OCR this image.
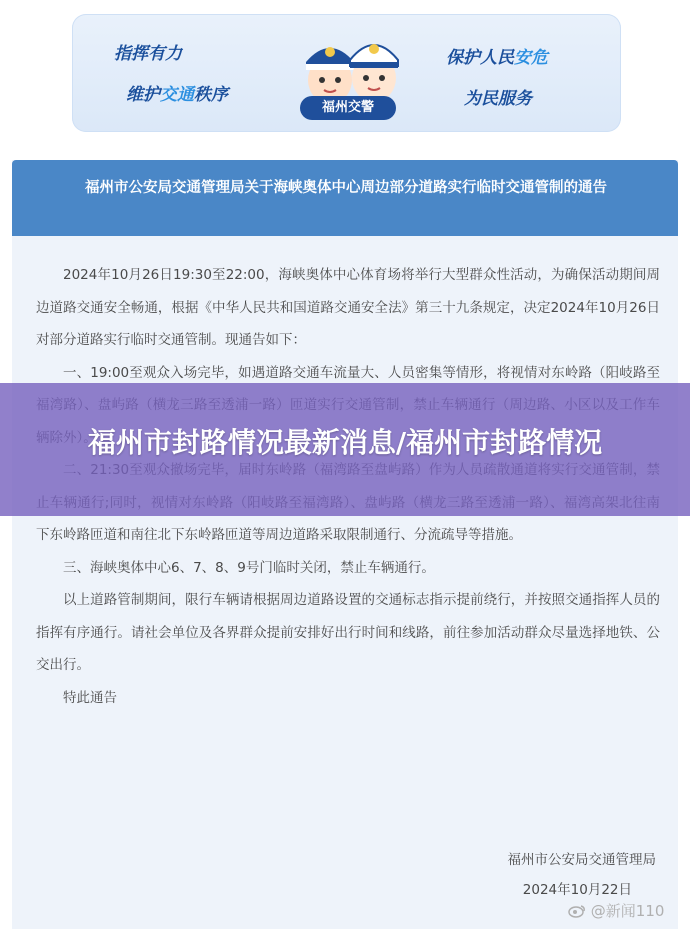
指挥有力
维护交通秩序
保护人民安危
为民服务
福州交警
福州市公安局交通管理局关于海峡奥体中心周边部分道路实行临时交通管制的通告

2024年10月26日19:30至22:00，海峡奥体中心体育场将举行大型群众性活动，为确保活动期间周边道路交通安全畅通，根据《中华人民共和国道路交通安全法》第三十九条规定，决定2024年10月26日对部分道路实行临时交通管制。现通告如下：

一、19:00至观众入场完毕，如遇道路交通车流量大、人员密集等情形，将视情对东岭路（阳岐路至

下东岭路匝道和南往北下东岭路匝道等周边道路采取限制通行、分流疏导等措施。

三、海峡奥体中心6、7、8、9号门临时关闭，禁止车辆通行。

以上道路管制期间，限行车辆请根据周边道路设置的交通标志指示提前绕行，并按照交通指挥人员的指挥有序通行。请社会单位及各界群众提前安排好出行时间和线路，前往参加活动群众尽量选择地铁、公交出行。

特此通告

福州市公安局交通管理局
2024年10月22日
福州市封路情况最新消息/福州市封路情况
@新闻110
